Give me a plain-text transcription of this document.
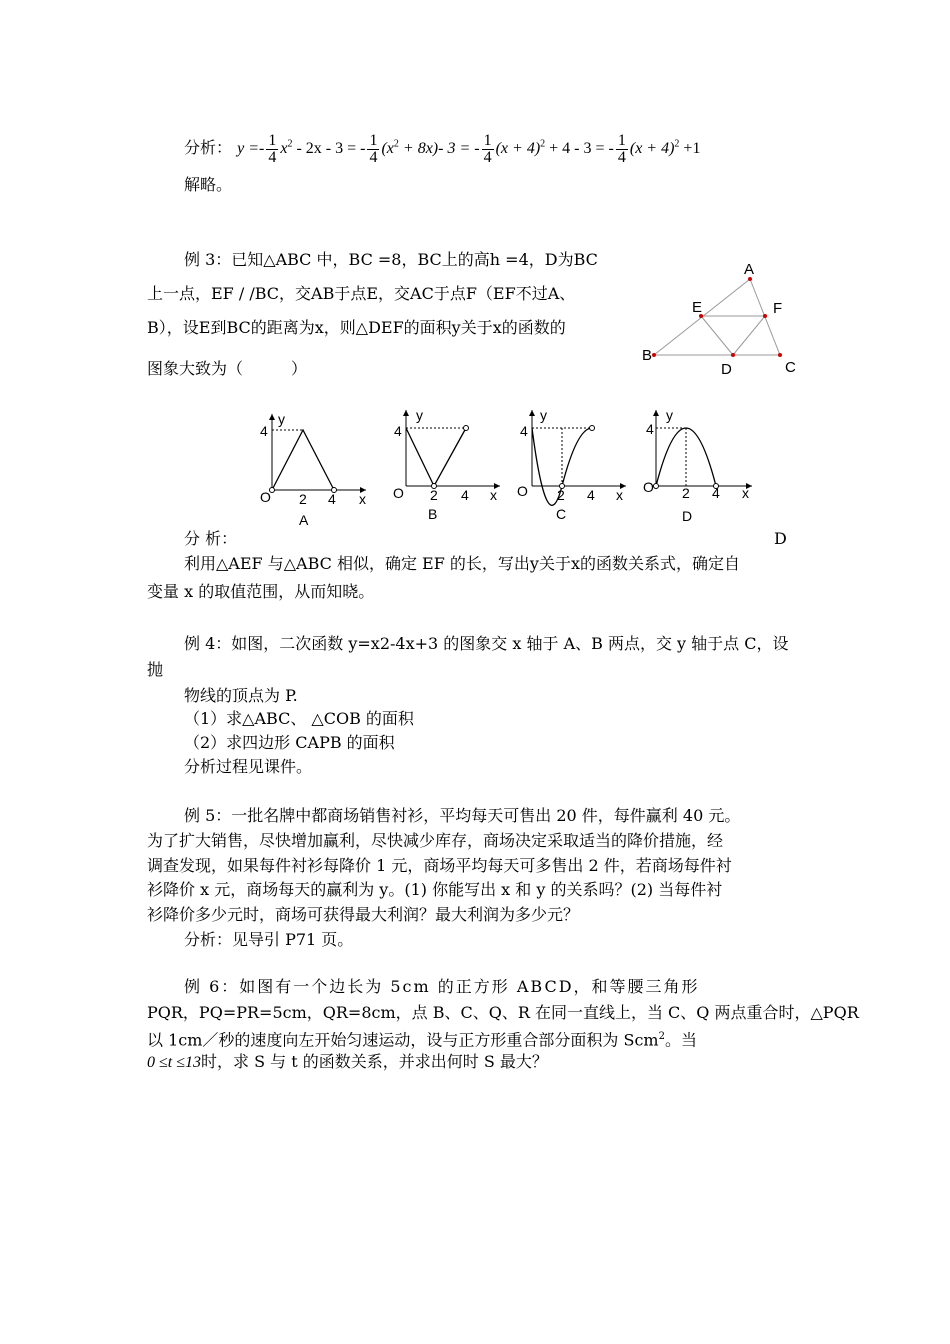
分析： $y =- \frac{1}{4} x^2 - 2x - 3$ = - $\frac{1}{4} (x^2 + 8x)-$ 3 = - $\frac{1}{4} (x + 4)^2 + 4 - 3$ = - $\frac{1}{4} (x + 4)^2 +1$
解略。
例 3：已知△ABC 中，BC =8，BC上的高h =4，D为BC
上一点，EF / /BC，交AB于点E，交AC于点F（EF不过A、
B），设E到BC的距离为x，则△DEF的面积y关于x的函数的
图象大致为（　　　）
A
E	F
B
D	C
y
4
O 2 4 x
A
y
4
O 2 4 x
B
y
4
O 2 4 x
C
y
4
O 2 4 x
D
分 析：	D
利用△AEF 与△ABC 相似，确定 EF 的长，写出y关于x的函数关系式，确定自
变量 x 的取值范围，从而知晓。
例 4：如图，二次函数 y=x2-4x+3 的图象交 x 轴于 A、B 两点，交 y 轴于点 C，设
抛
物线的顶点为 P.
（1）求△ABC、 △COB 的面积
（2）求四边形 CAPB 的面积
分析过程见课件。
例 5：一批名牌中都商场销售衬衫，平均每天可售出 20 件，每件赢利 40 元。
为了扩大销售，尽快增加赢利，尽快减少库存，商场决定采取适当的降价措施，经
调查发现，如果每件衬衫每降价 1 元，商场平均每天可多售出 2 件，若商场每件衬
衫降价 x 元，商场每天的赢利为 y。(1) 你能写出 x 和 y 的关系吗？(2) 当每件衬
衫降价多少元时，商场可获得最大利润？最大利润为多少元？
分析：见导引 P71 页。
例 6：如图有一个边长为 5cm 的正方形 ABCD，和等腰三角形
PQR，PQ=PR=5cm，QR=8cm，点 B、C、Q、R 在同一直线上，当 C、Q 两点重合时，△PQR
以 1cm／秒的速度向左开始匀速运动，设与正方形重合部分面积为 Scm$^2$。当
0 ≤t ≤13时，求 S 与 t 的函数关系，并求出何时 S 最大？
